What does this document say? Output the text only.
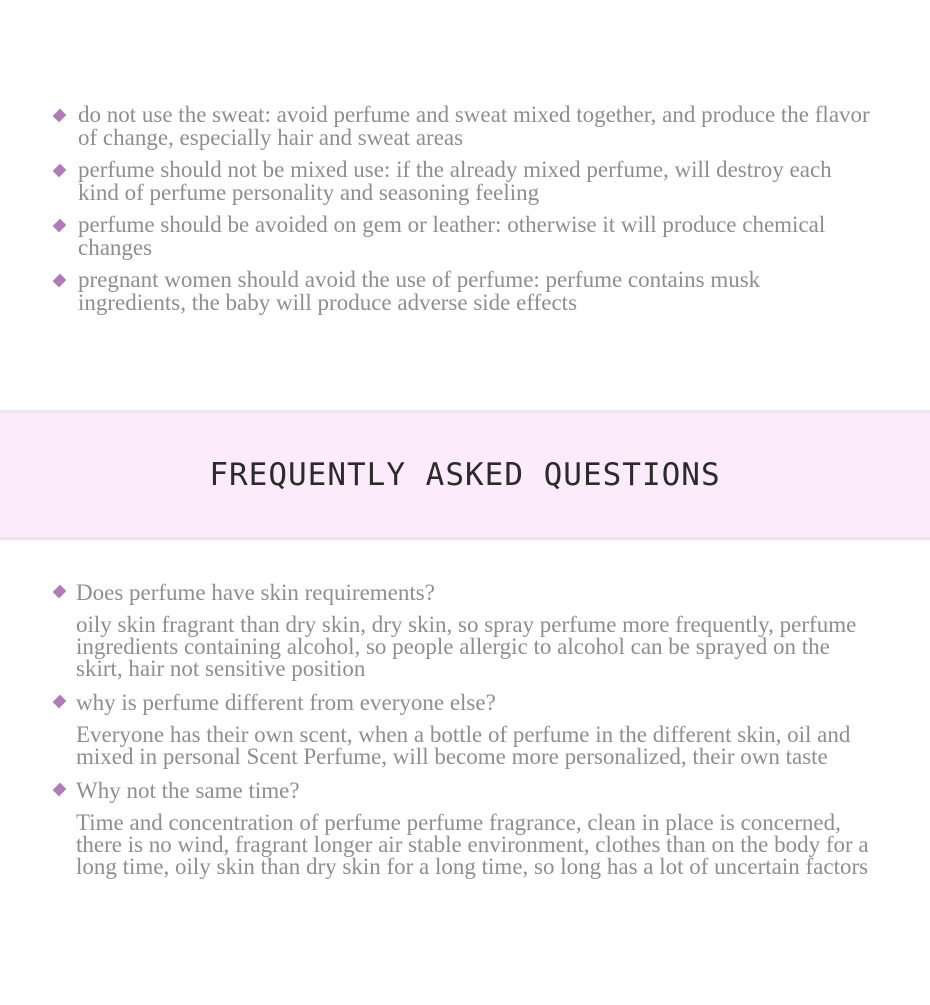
do not use the sweat: avoid perfume and sweat mixed together, and produce the flavor of change, especially hair and sweat areas
perfume should not be mixed use: if the already mixed perfume, will destroy each kind of perfume personality and seasoning feeling
perfume should be avoided on gem or leather: otherwise it will produce chemical changes
pregnant women should avoid the use of perfume: perfume contains musk ingredients, the baby will produce adverse side effects
FREQUENTLY ASKED QUESTIONS
Does perfume have skin requirements?
oily skin fragrant than dry skin, dry skin, so spray perfume more frequently, perfume ingredients containing alcohol, so people allergic to alcohol can be sprayed on the skirt, hair not sensitive position
why is perfume different from everyone else?
Everyone has their own scent, when a bottle of perfume in the different skin, oil and mixed in personal Scent Perfume, will become more personalized, their own taste
Why not the same time?
Time and concentration of perfume perfume fragrance, clean in place is concerned, there is no wind, fragrant longer air stable environment, clothes than on the body for a long time, oily skin than dry skin for a long time, so long has a lot of uncertain factors
